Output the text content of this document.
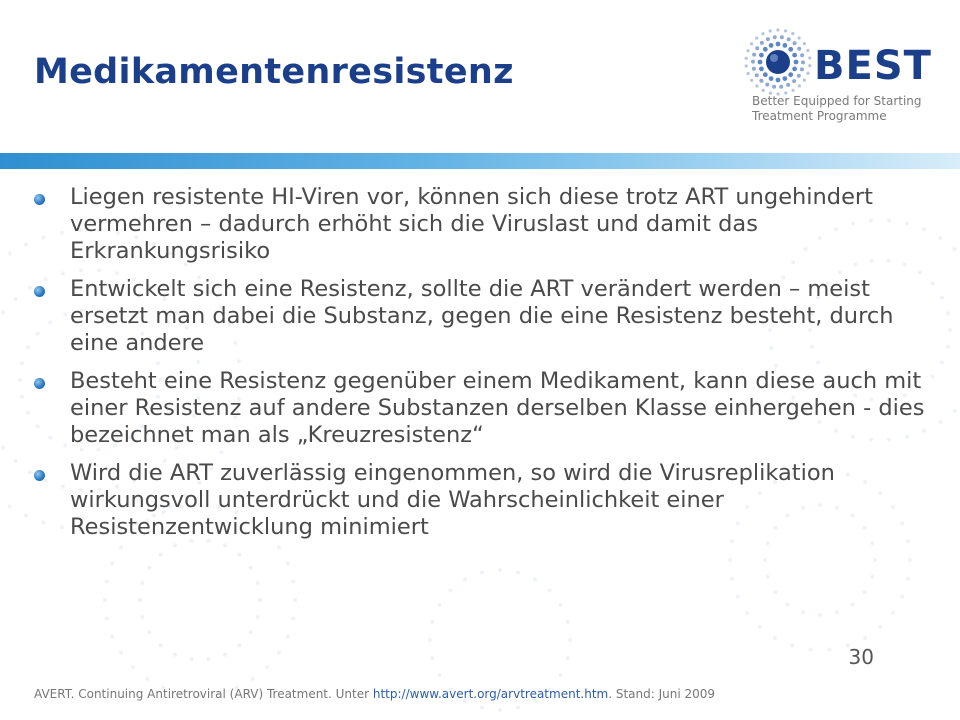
Medikamentenresistenz	BEST
Better Equipped for Starting
Treatment Programme
Liegen resistente HI-Viren vor, können sich diese trotz ART ungehindert vermehren – dadurch erhöht sich die Viruslast und damit das Erkrankungsrisiko
Entwickelt sich eine Resistenz, sollte die ART verändert werden – meist ersetzt man dabei die Substanz, gegen die eine Resistenz besteht, durch eine andere
Besteht eine Resistenz gegenüber einem Medikament, kann diese auch mit einer Resistenz auf andere Substanzen derselben Klasse einhergehen - dies bezeichnet man als „Kreuzresistenz“
Wird die ART zuverlässig eingenommen, so wird die Virusreplikation wirkungsvoll unterdrückt und die Wahrscheinlichkeit einer Resistenzentwicklung minimiert
30
AVERT. Continuing Antiretroviral (ARV) Treatment. Unter http://www.avert.org/arvtreatment.htm. Stand: Juni 2009
